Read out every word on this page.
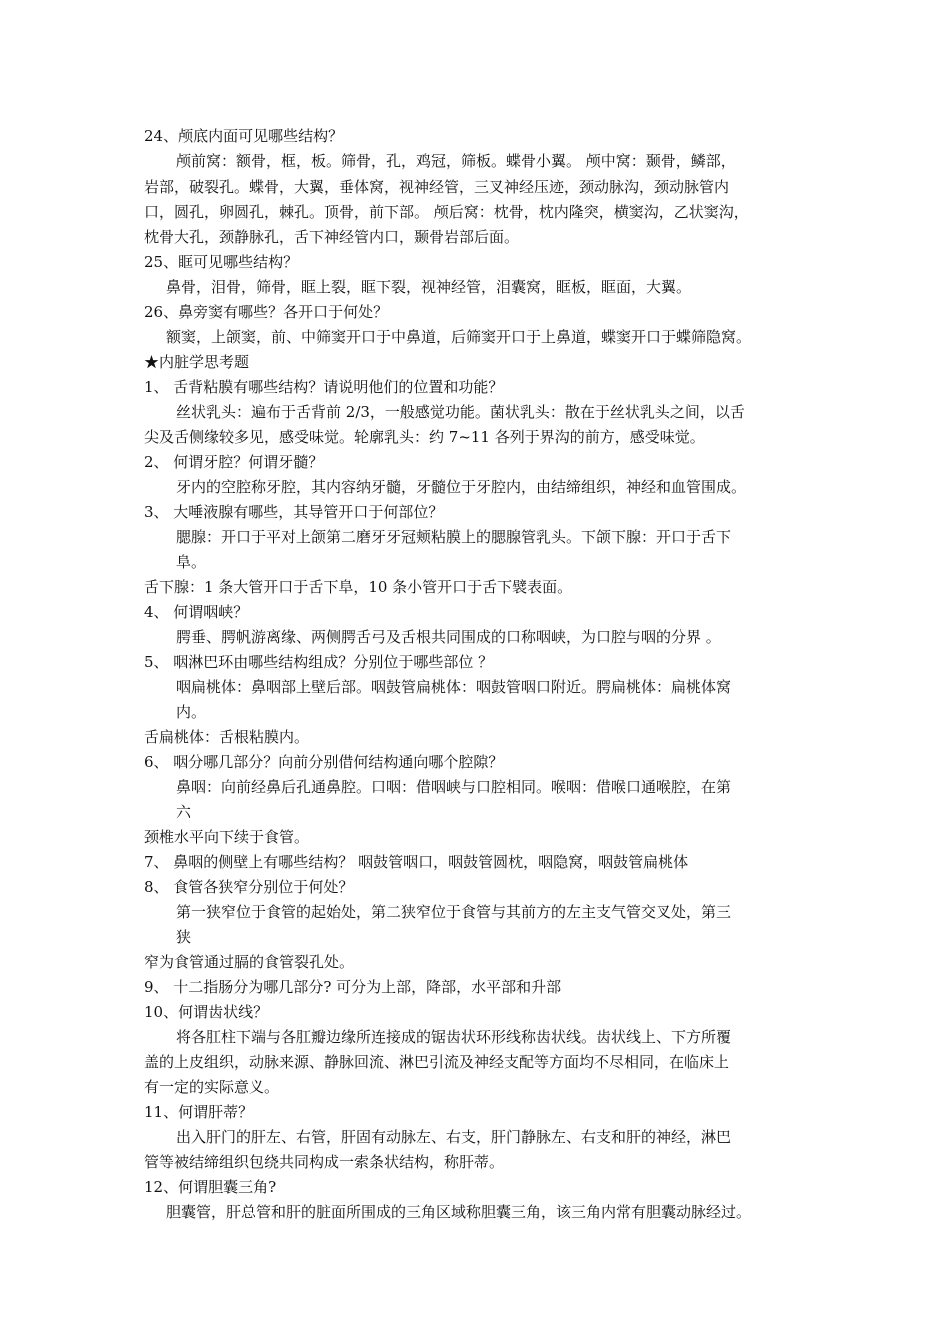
24、颅底内面可见哪些结构？
颅前窝：额骨，框，板。筛骨，孔，鸡冠，筛板。蝶骨小翼。 颅中窝：颞骨，鳞部，
岩部，破裂孔。蝶骨，大翼，垂体窝，视神经管，三叉神经压迹，颈动脉沟，颈动脉管内
口，圆孔，卵圆孔，棘孔。顶骨，前下部。 颅后窝：枕骨，枕内隆突，横窦沟，乙状窦沟，
枕骨大孔，颈静脉孔，舌下神经管内口，颞骨岩部后面。
25、眶可见哪些结构？
鼻骨，泪骨，筛骨，眶上裂，眶下裂，视神经管，泪囊窝，眶板，眶面，大翼。
26、鼻旁窦有哪些？各开口于何处？
额窦，上颌窦，前、中筛窦开口于中鼻道，后筛窦开口于上鼻道，蝶窦开口于蝶筛隐窝。
★内脏学思考题
1、 舌背粘膜有哪些结构？请说明他们的位置和功能？
丝状乳头：遍布于舌背前 2/3，一般感觉功能。菌状乳头：散在于丝状乳头之间，以舌
尖及舌侧缘较多见，感受味觉。轮廓乳头：约 7~11 各列于界沟的前方，感受味觉。
2、 何谓牙腔？何谓牙髓？
牙内的空腔称牙腔，其内容纳牙髓，牙髓位于牙腔内，由结缔组织，神经和血管围成。
3、 大唾液腺有哪些，其导管开口于何部位？
腮腺：开口于平对上颌第二磨牙牙冠颊粘膜上的腮腺管乳头。下颌下腺：开口于舌下
阜。
舌下腺：1 条大管开口于舌下阜，10 条小管开口于舌下襞表面。
4、 何谓咽峡？
腭垂、腭帆游离缘、两侧腭舌弓及舌根共同围成的口称咽峡，为口腔与咽的分界 。
5、 咽淋巴环由哪些结构组成？分别位于哪些部位 ？
咽扁桃体：鼻咽部上壁后部。咽鼓管扁桃体：咽鼓管咽口附近。腭扁桃体：扁桃体窝
内。
舌扁桃体：舌根粘膜内。
6、 咽分哪几部分？向前分别借何结构通向哪个腔隙？
鼻咽：向前经鼻后孔通鼻腔。口咽：借咽峡与口腔相同。喉咽：借喉口通喉腔，在第
六
颈椎水平向下续于食管。
7、 鼻咽的侧壁上有哪些结构？ 咽鼓管咽口，咽鼓管圆枕，咽隐窝，咽鼓管扁桃体
8、 食管各狭窄分别位于何处？
第一狭窄位于食管的起始处，第二狭窄位于食管与其前方的左主支气管交叉处，第三
狭
窄为食管通过膈的食管裂孔处。
9、 十二指肠分为哪几部分? 可分为上部，降部，水平部和升部
10、何谓齿状线？
将各肛柱下端与各肛瓣边缘所连接成的锯齿状环形线称齿状线。齿状线上、下方所覆
盖的上皮组织，动脉来源、静脉回流、淋巴引流及神经支配等方面均不尽相同，在临床上
有一定的实际意义。
11、何谓肝蒂？
出入肝门的肝左、右管，肝固有动脉左、右支，肝门静脉左、右支和肝的神经，淋巴
管等被结缔组织包绕共同构成一索条状结构，称肝蒂。
12、何谓胆囊三角?
胆囊管，肝总管和肝的脏面所围成的三角区域称胆囊三角，该三角内常有胆囊动脉经过。
